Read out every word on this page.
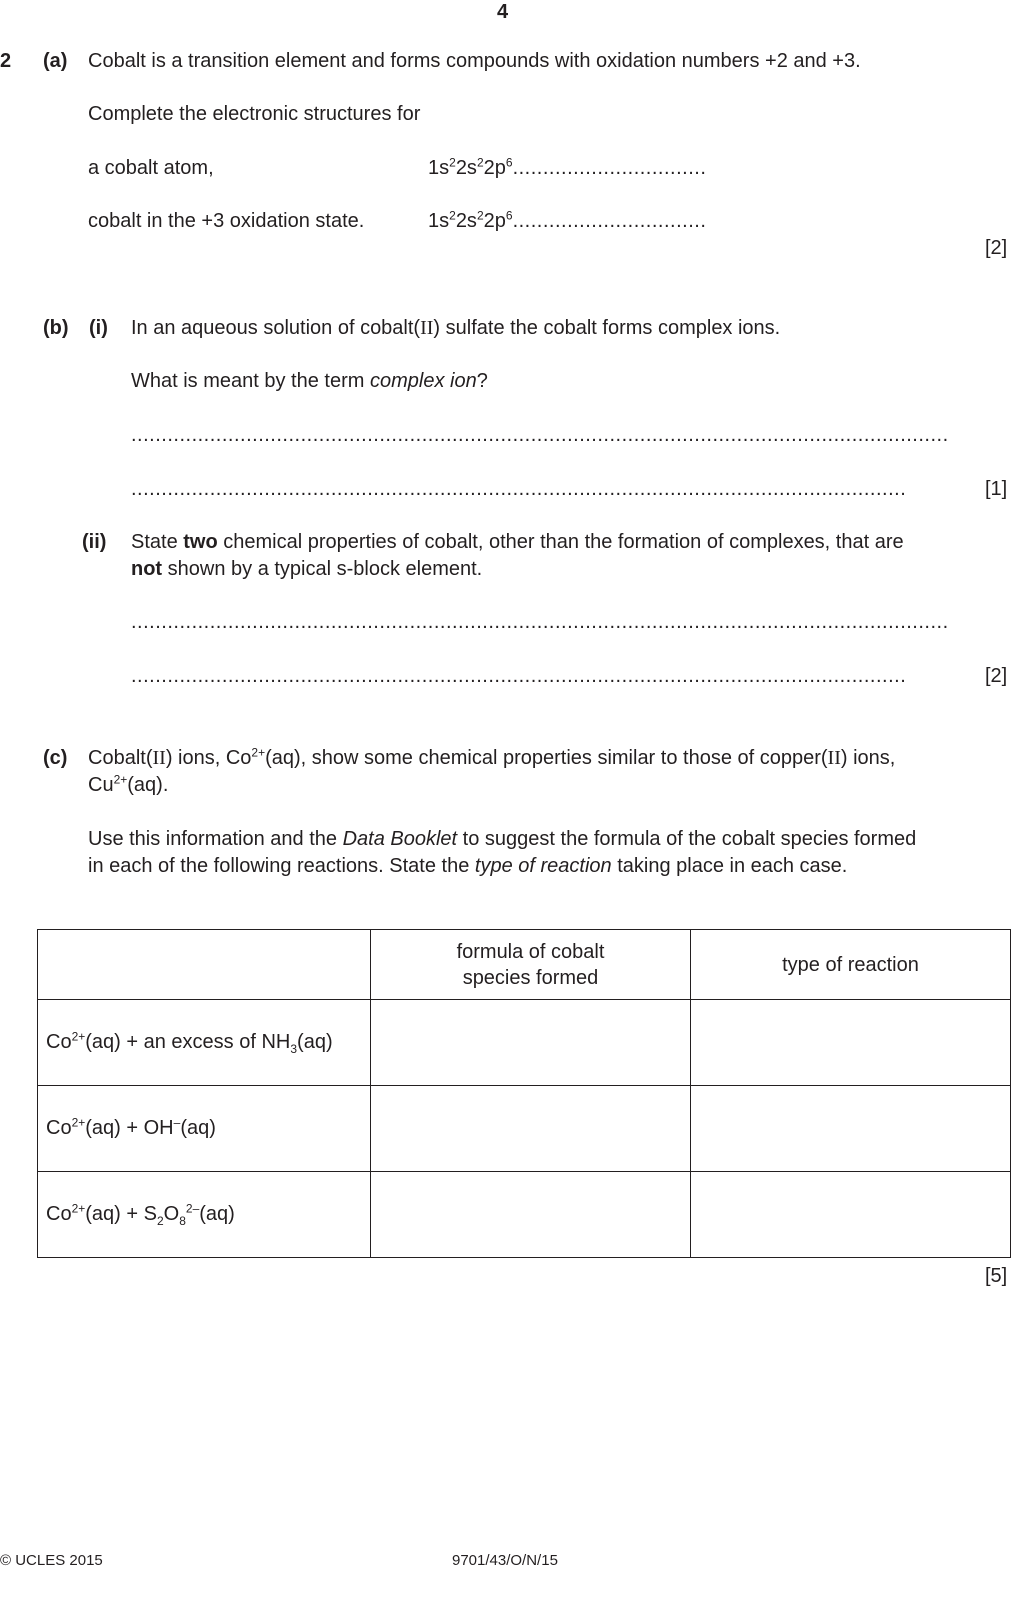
4
2 (a) Cobalt is a transition element and forms compounds with oxidation numbers +2 and +3.
Complete the electronic structures for
a cobalt atom,	$1s^22s^22p^6$................................
cobalt in the +3 oxidation state.	$1s^22s^22p^6$................................
[2]
(b) (i) In an aqueous solution of cobalt(II) sulfate the cobalt forms complex ions.
What is meant by the term complex ion?
.......................................................................................................................................
................................................................................................................................	[1]
(ii) State two chemical properties of cobalt, other than the formation of complexes, that are
not shown by a typical s-block element.
.......................................................................................................................................
................................................................................................................................	[2]
(c) Cobalt(II) ions, $Co^{2+}(aq)$, show some chemical properties similar to those of copper(II) ions,
$Cu^{2+}(aq)$.
Use this information and the Data Booklet to suggest the formula of the cobalt species formed
in each of the following reactions. State the type of reaction taking place in each case.

	formula of cobalt
species formed	type of reaction
$Co^{2+}(aq)$ + an excess of $NH_3(aq)$		
$Co^{2+}(aq) + OH^-(aq)$		
$Co^{2+}(aq) + S_2O_8^{2-}(aq)$		
[5]
© UCLES 2015	9701/43/O/N/15
